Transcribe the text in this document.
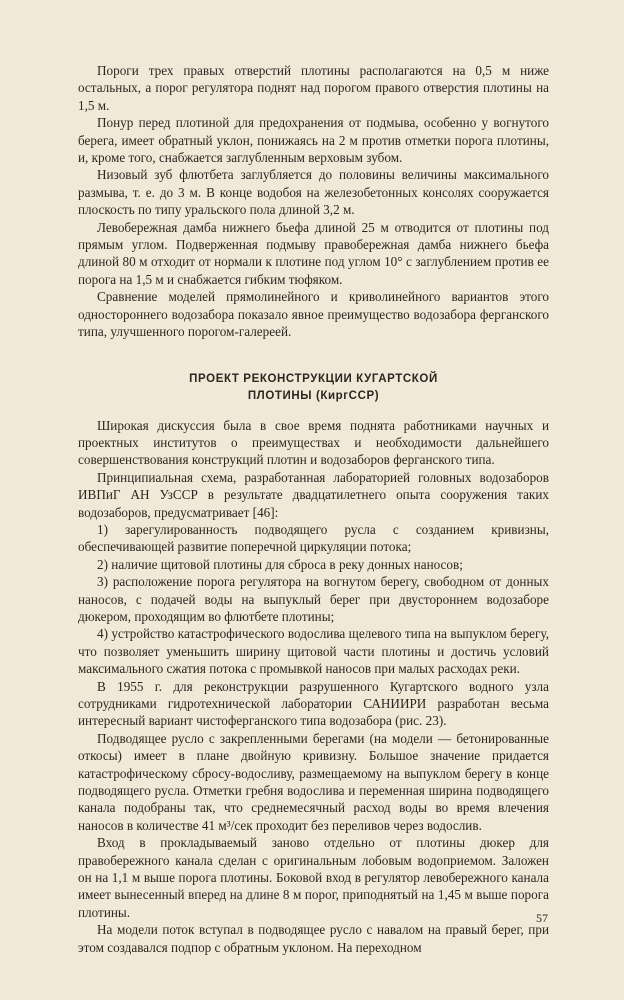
Пороги трех правых отверстий плотины располагаются на 0,5 м ниже остальных, а порог регулятора поднят над порогом правого отверстия плотины на 1,5 м.

Понур перед плотиной для предохранения от подмыва, особенно у вогнутого берега, имеет обратный уклон, понижаясь на 2 м против отметки порога плотины, и, кроме того, снабжается заглубленным верховым зубом.

Низовый зуб флютбета заглубляется до половины величины максимального размыва, т. е. до 3 м. В конце водобоя на железобетонных консолях сооружается плоскость по типу уральского пола длиной 3,2 м.

Левобережная дамба нижнего бьефа длиной 25 м отводится от плотины под прямым углом. Подверженная подмыву правобережная дамба нижнего бьефа длиной 80 м отходит от нормали к плотине под углом 10° с заглублением против ее порога на 1,5 м и снабжается гибким тюфяком.

Сравнение моделей прямолинейного и криволинейного вариантов этого одностороннего водозабора показало явное преимущество водозабора ферганского типа, улучшенного порогом-галереей.

ПРОЕКТ РЕКОНСТРУКЦИИ КУГАРТСКОЙ
ПЛОТИНЫ (КиргССР)

Широкая дискуссия была в свое время поднята работниками научных и проектных институтов о преимуществах и необходимости дальнейшего совершенствования конструкций плотин и водозаборов ферганского типа.

Принципиальная схема, разработанная лабораторией головных водозаборов ИВПиГ АН УзССР в результате двадцатилетнего опыта сооружения таких водозаборов, предусматривает [46]:

1) зарегулированность подводящего русла с созданием кривизны, обеспечивающей развитие поперечной циркуляции потока;

2) наличие щитовой плотины для сброса в реку донных наносов;

3) расположение порога регулятора на вогнутом берегу, свободном от донных наносов, с подачей воды на выпуклый берег при двустороннем водозаборе дюкером, проходящим во флютбете плотины;

4) устройство катастрофического водослива щелевого типа на выпуклом берегу, что позволяет уменьшить ширину щитовой части плотины и достичь условий максимального сжатия потока с промывкой наносов при малых расходах реки.

В 1955 г. для реконструкции разрушенного Кугартского водного узла сотрудниками гидротехнической лаборатории САНИИРИ разработан весьма интересный вариант чистоферганского типа водозабора (рис. 23).

Подводящее русло с закрепленными берегами (на модели — бетонированные откосы) имеет в плане двойную кривизну. Большое значение придается катастрофическому сбросу-водосливу, размещаемому на выпуклом берегу в конце подводящего русла. Отметки гребня водослива и переменная ширина подводящего канала подобраны так, что среднемесячный расход воды во время влечения наносов в количестве 41 м³/сек проходит без переливов через водослив.

Вход в прокладываемый заново отдельно от плотины дюкер для правобережного канала сделан с оригинальным лобовым водоприемом. Заложен он на 1,1 м выше порога плотины. Боковой вход в регулятор левобережного канала имеет вынесенный вперед на длине 8 м порог, приподнятый на 1,45 м выше порога плотины.

На модели поток вступал в подводящее русло с навалом на правый берег, при этом создавался подпор с обратным уклоном. На переходном

57
